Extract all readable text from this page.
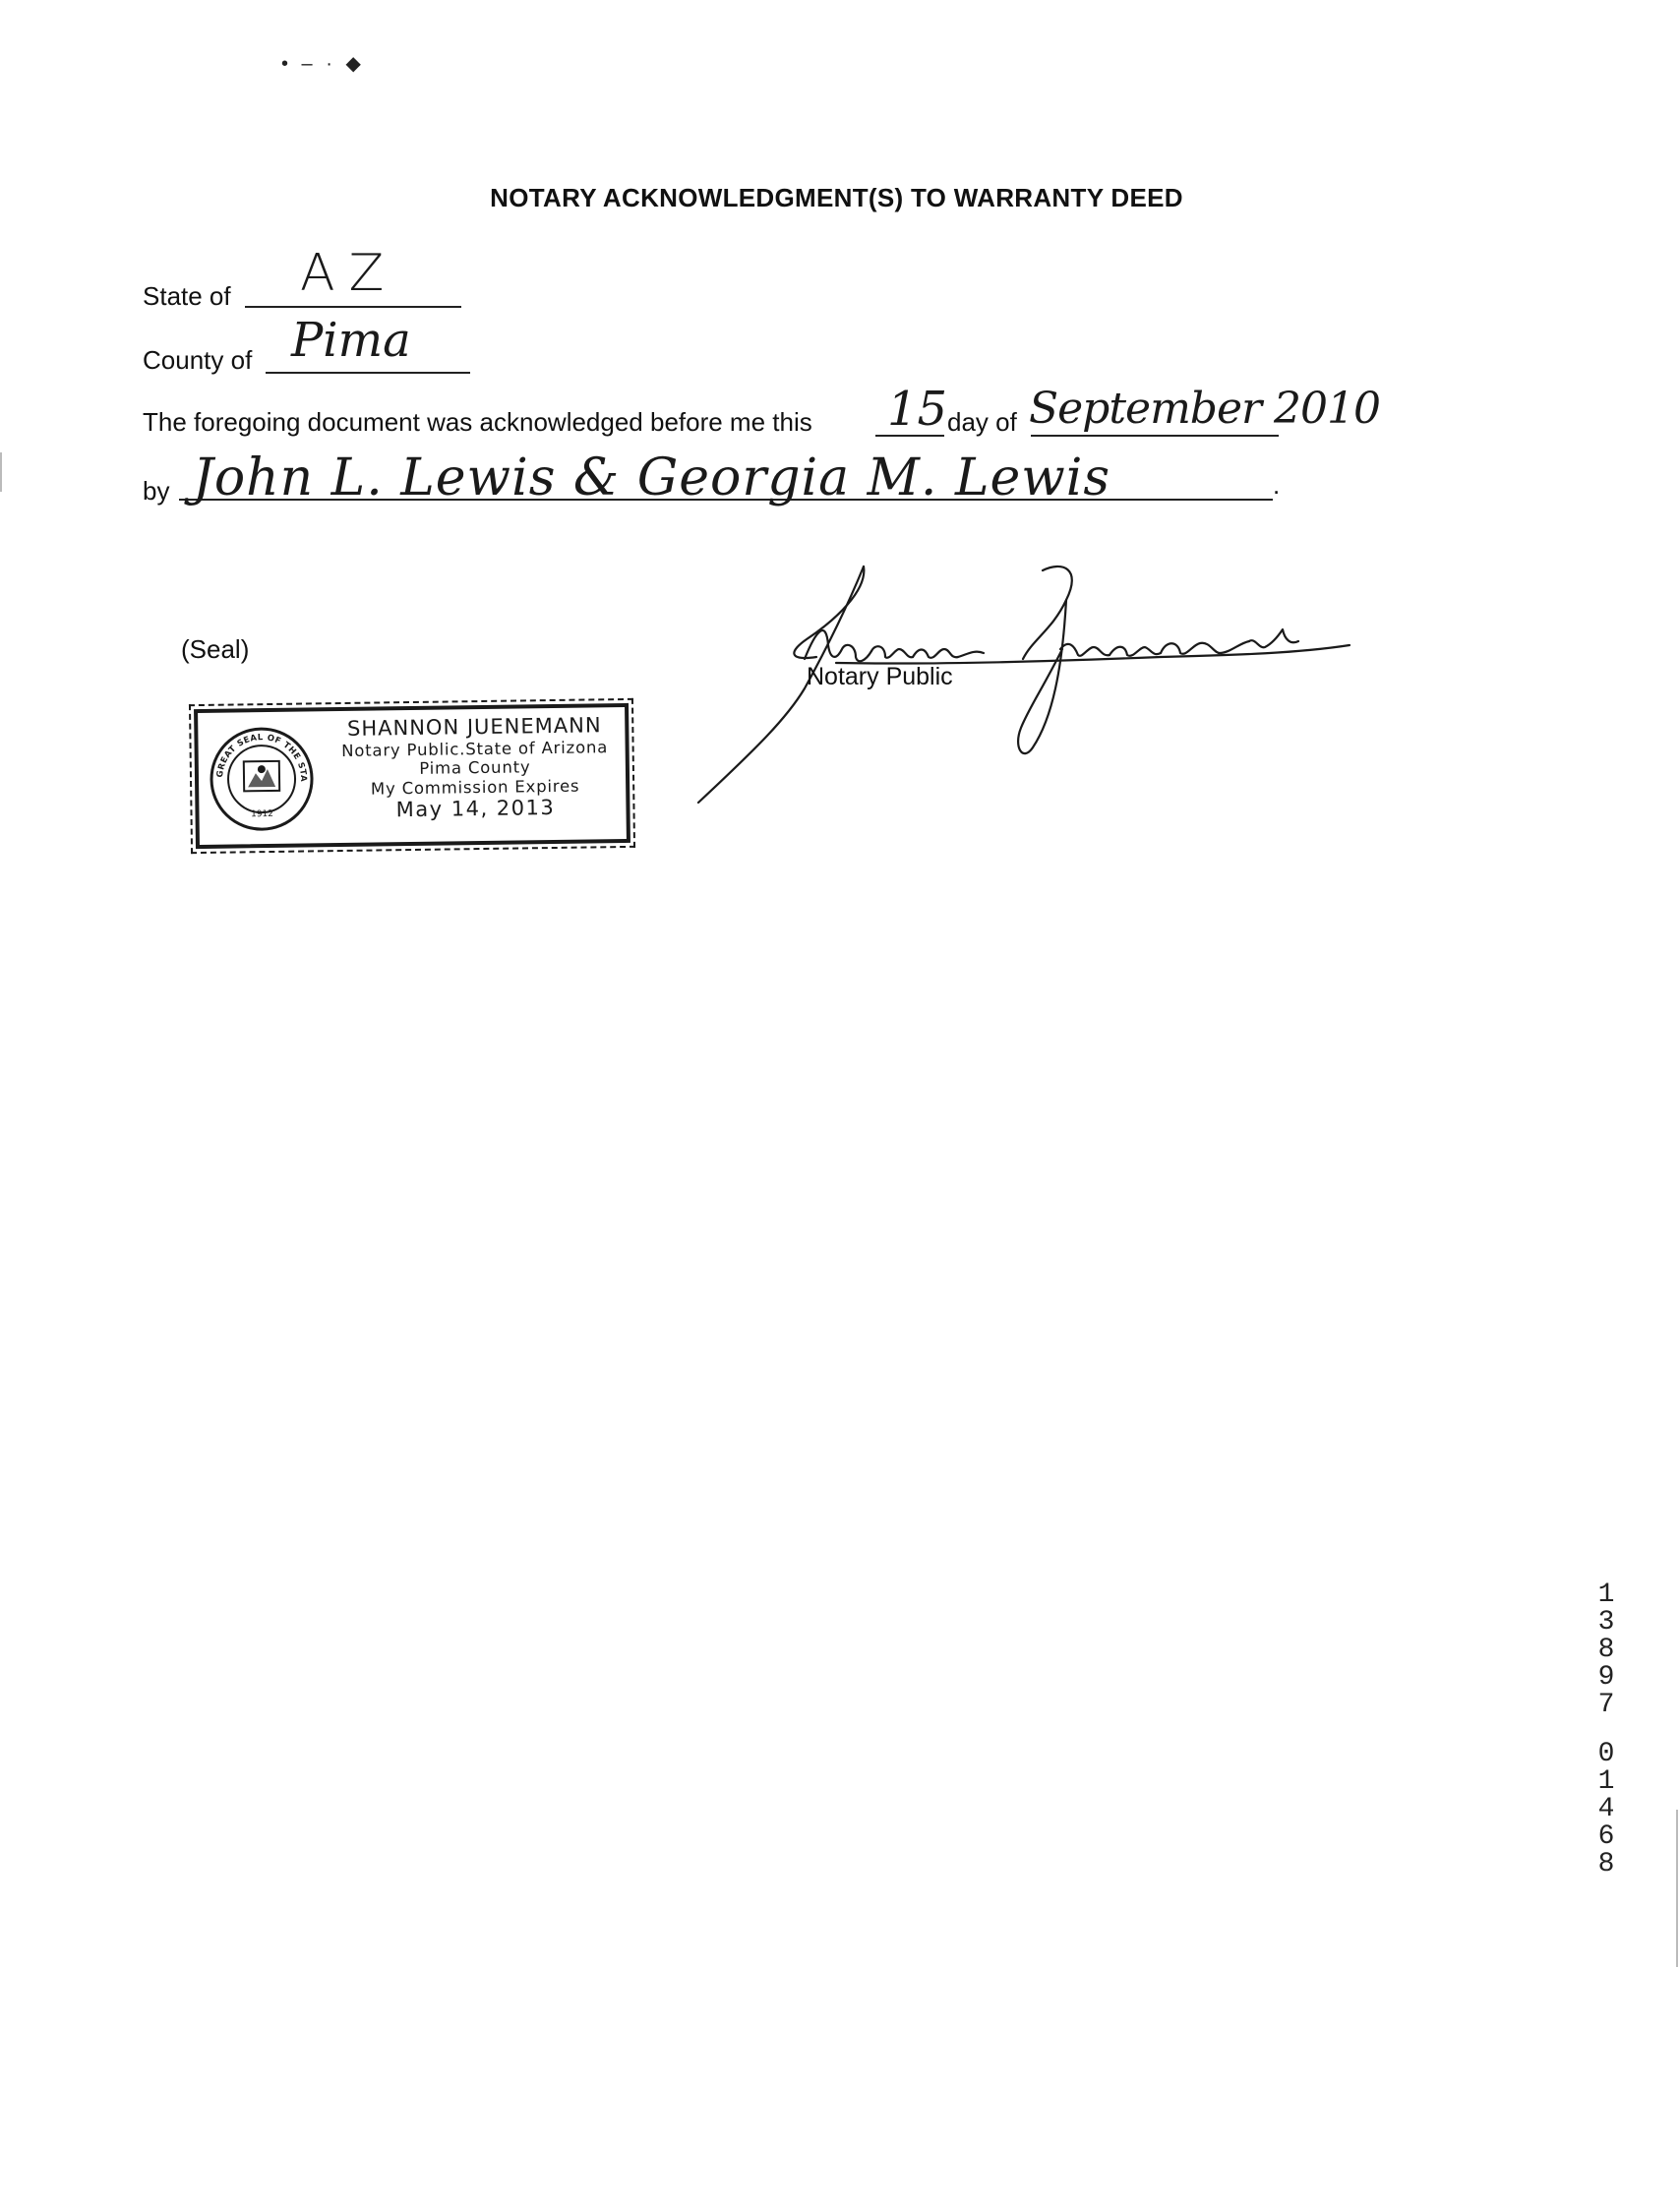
• ‒ · ◆
NOTARY ACKNOWLEDGMENT(S) TO WARRANTY DEED
State of AZ
County of Pima
The foregoing document was acknowledged before me this 15 day of September 2010
by John L. Lewis & Georgia M. Lewis	.
(Seal)
GREAT SEAL OF THE STATE
1912
SHANNON JUENEMANN
Notary Public.State of Arizona
Pima County
My Commission Expires
May 14, 2013
Notary Public
1
3
8
9
7
0
1
4
6
8
